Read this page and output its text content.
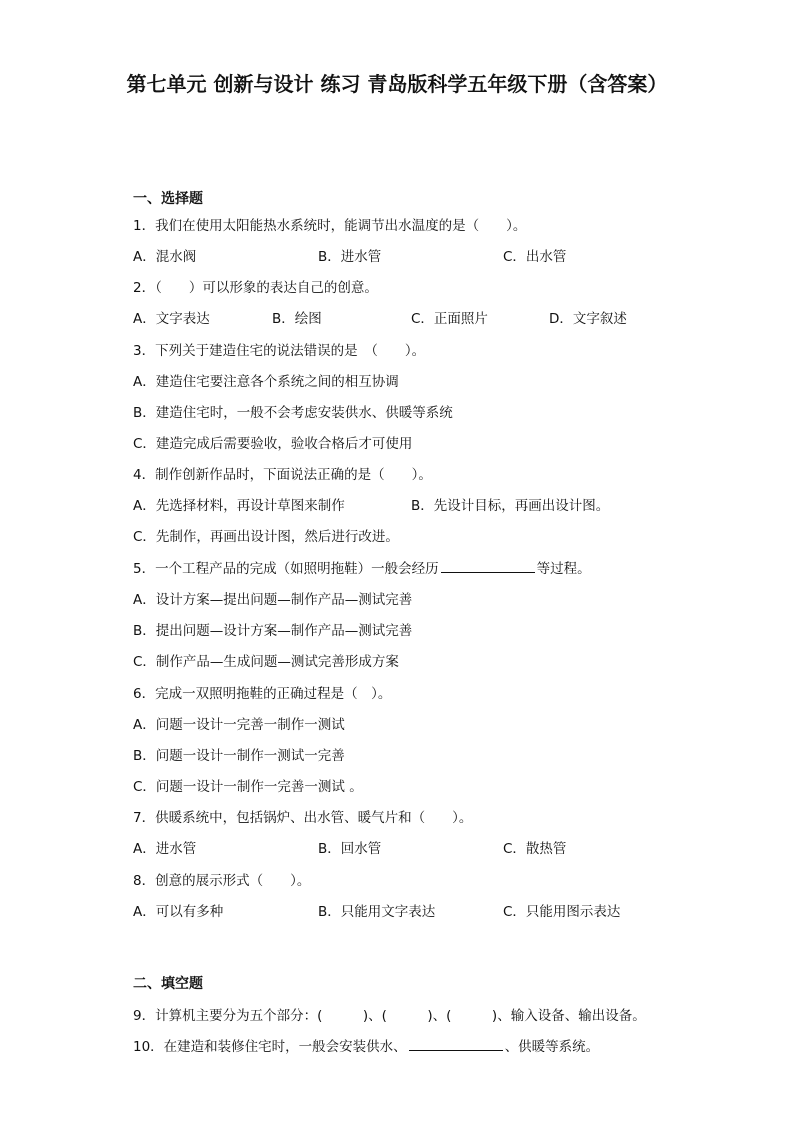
第七单元 创新与设计 练习 青岛版科学五年级下册（含答案）
一、选择题
1．我们在使用太阳能热水系统时，能调节出水温度的是（　　）。
A．混水阀	B．进水管	C．出水管
2．（　　）可以形象的表达自己的创意。
A．文字表达	B．绘图	C．正面照片	D．文字叙述
3．下列关于建造住宅的说法错误的是　（　　）。
A．建造住宅要注意各个系统之间的相互协调
B．建造住宅时，一般不会考虑安装供水、供暖等系统
C．建造完成后需要验收，验收合格后才可使用
4．制作创新作品时，下面说法正确的是（　　）。
A．先选择材料，再设计草图来制作	B．先设计目标，再画出设计图。
C．先制作，再画出设计图，然后进行改进。
5．一个工程产品的完成（如照明拖鞋）一般会经历	等过程。
A．设计方案—提出问题—制作产品—测试完善
B．提出问题—设计方案—制作产品—测试完善
C．制作产品—生成问题—测试完善形成方案
6．完成一双照明拖鞋的正确过程是（　）。
A．问题一设计一完善一制作一测试
B．问题一设计一制作一测试一完善
C．问题一设计一制作一完善一测试 。
7．供暖系统中，包括锅炉、出水管、暖气片和（　　）。
A．进水管	B．回水管	C．散热管
8．创意的展示形式（　　）。
A．可以有多种	B．只能用文字表达	C．只能用图示表达
二、填空题
9．计算机主要分为五个部分：(　　　)、(　　　)、(　　　)、输入设备、输出设备。
10．在建造和装修住宅时，一般会安装供水、	、供暖等系统。
